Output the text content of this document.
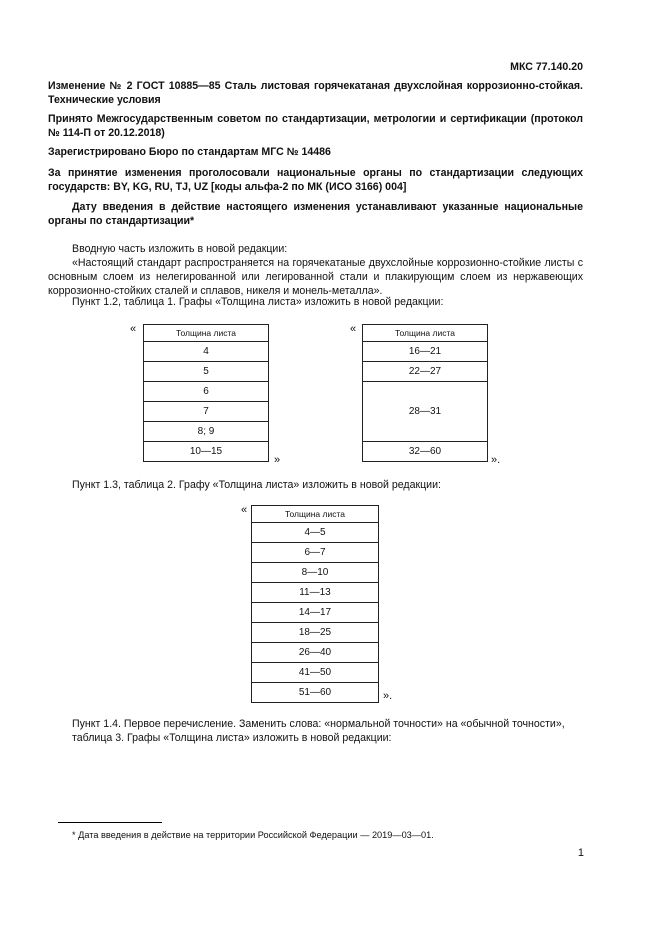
МКС 77.140.20
Изменение № 2 ГОСТ 10885—85 Сталь листовая горячекатаная двухслойная коррозионно-стойкая. Технические условия
Принято Межгосударственным советом по стандартизации, метрологии и сертификации (протокол № 114-П от 20.12.2018)
Зарегистрировано Бюро по стандартам МГС № 14486
За принятие изменения проголосовали национальные органы по стандартизации следующих государств: BY, KG, RU, TJ, UZ [коды альфа-2 по МК (ИСО 3166) 004]
Дату введения в действие настоящего изменения устанавливают указанные национальные органы по стандартизации*
Вводную часть изложить в новой редакции:
«Настоящий стандарт распространяется на горячекатаные двухслойные коррозионно-стойкие листы с основным слоем из нелегированной или легированной стали и плакирующим слоем из нержавеющих коррозионно-стойких сталей и сплавов, никеля и монель-металла».
Пункт 1.2, таблица 1. Графы «Толщина листа» изложить в новой редакции:
«	Толщина листа
4
5
6
7
8; 9
10—15
»
«	Толщина листа
16—21
22—27
28—31
32—60
».
Пункт 1.3, таблица 2. Графу «Толщина листа» изложить в новой редакции:
«	Толщина листа
4—5
6—7
8—10
11—13
14—17
18—25
26—40
41—50
51—60	».
Пункт 1.4. Первое перечисление. Заменить слова: «нормальной точности» на «обычной точности»,
таблица 3. Графы «Толщина листа» изложить в новой редакции:
* Дата введения в действие на территории Российской Федерации — 2019—03—01.
1
